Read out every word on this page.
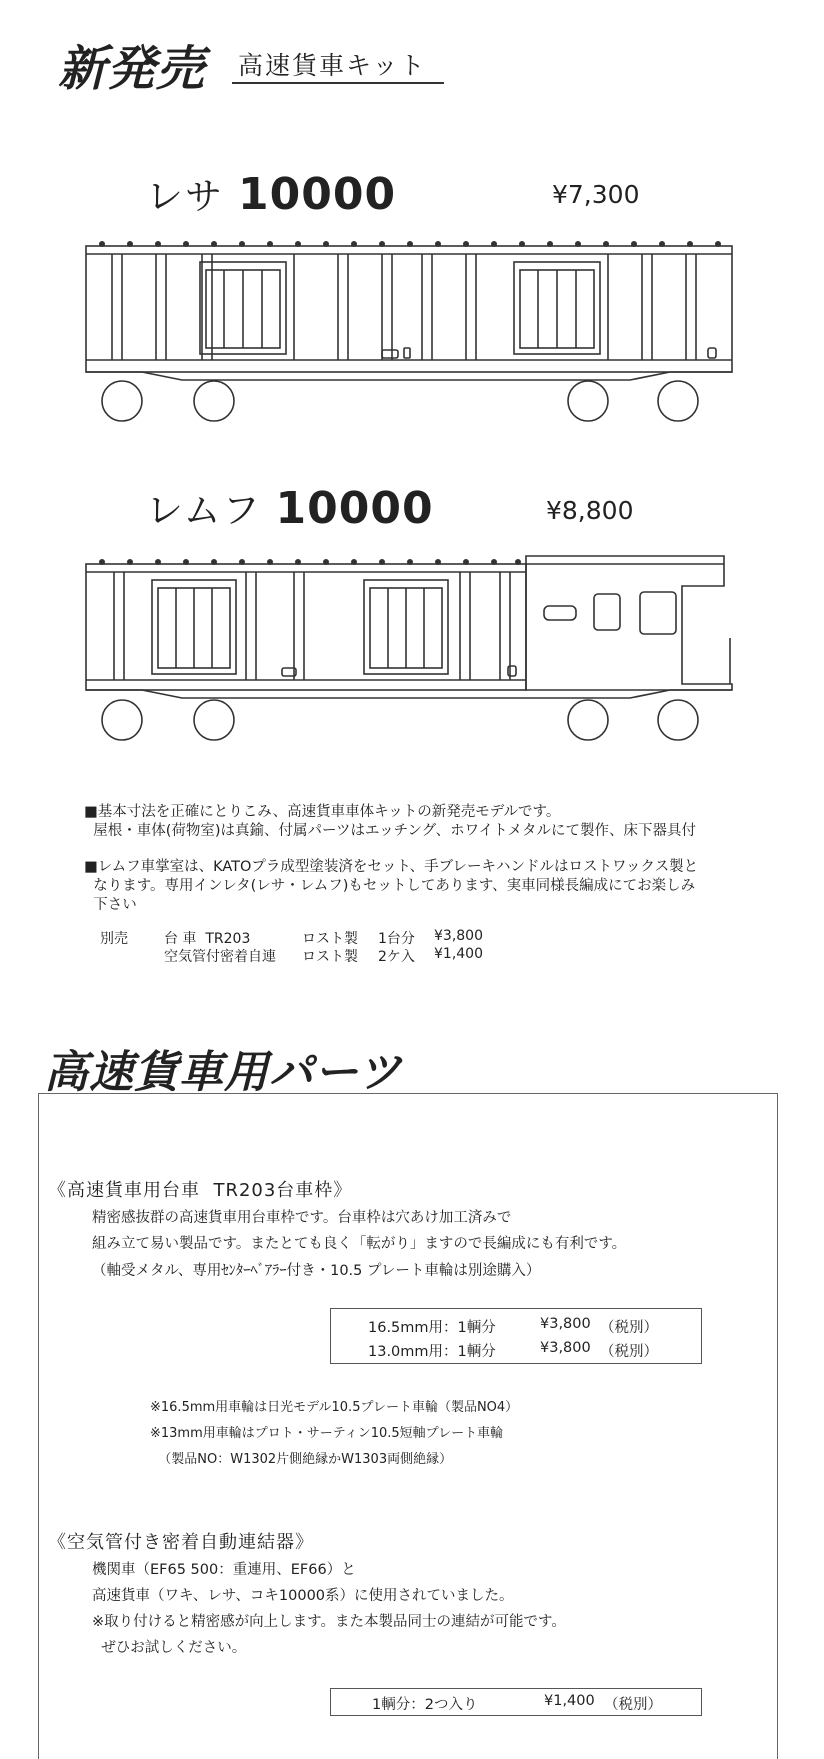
新発売 高速貨車キット
レサ 10000	¥7,300
レムフ 10000	¥8,800
■基本寸法を正確にとりこみ、高速貨車車体キットの新発売モデルです。
屋根・車体(荷物室)は真鍮、付属パーツはエッチング、ホワイトメタルにて製作、床下器具付
■レムフ車掌室は、KATOプラ成型塗装済をセット、手ブレーキハンドルはロストワックス製と
なります。専用インレタ(レサ・レムフ)もセットしてあります、実車同様長編成にてお楽しみ
下さい
別売	台 車  TR203	ロスト製 1台分 ¥3,800
空気管付密着自連 ロスト製 2ケ入 ¥1,400
高速貨車用パーツ
《高速貨車用台車  TR203台車枠》
精密感抜群の高速貨車用台車枠です。台車枠は穴あけ加工済みで
組み立て易い製品です。またとても良く「転がり」ますので長編成にも有利です。
（軸受メタル、専用ｾﾝﾀｰﾍﾞｱﾗｰ付き・10.5 プレート車輪は別途購入）
16.5mm用：1輌分	¥3,800 （税別）
13.0mm用：1輌分	¥3,800 （税別）
※16.5mm用車輪は日光モデル10.5プレート車輪（製品NO4）
※13mm用車輪はプロト・サーティン10.5短軸プレート車輪
（製品NO：W1302片側絶縁かW1303両側絶縁）
《空気管付き密着自動連結器》
機関車（EF65 500：重連用、EF66）と
高速貨車（ワキ、レサ、コキ10000系）に使用されていました。
※取り付けると精密感が向上します。また本製品同士の連結が可能です。
ぜひお試しください。
1輌分：2つ入り	¥1,400 （税別）
